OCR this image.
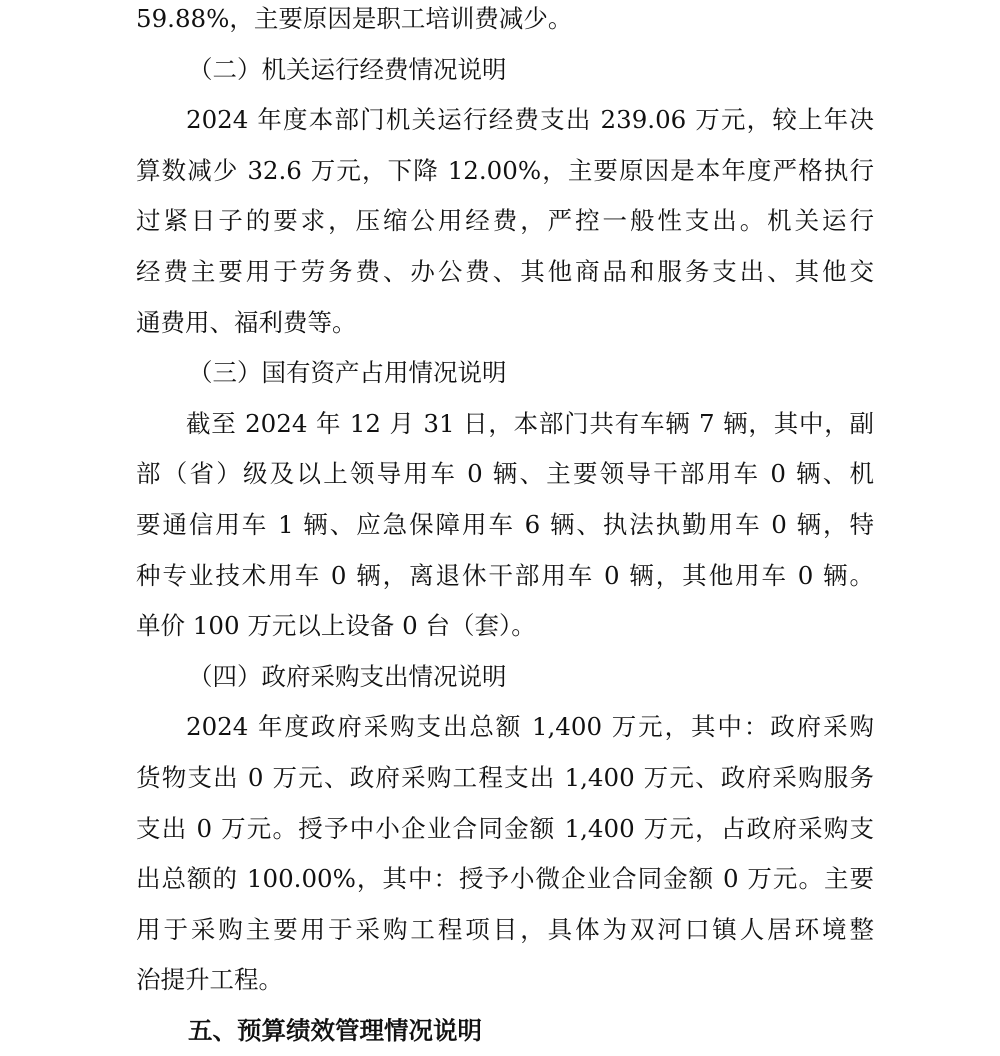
59.88%，主要原因是职工培训费减少。
（二）机关运行经费情况说明
2024 年度本部门机关运行经费支出 239.06 万元，较上年决
算数减少 32.6 万元，下降 12.00%，主要原因是本年度严格执行
过紧日子的要求，压缩公用经费，严控一般性支出。机关运行
经费主要用于劳务费、办公费、其他商品和服务支出、其他交
通费用、福利费等。
（三）国有资产占用情况说明
截至 2024 年 12 月 31 日，本部门共有车辆 7 辆，其中，副
部（省）级及以上领导用车 0 辆、主要领导干部用车 0 辆、机
要通信用车 1 辆、应急保障用车 6 辆、执法执勤用车 0 辆，特
种专业技术用车 0 辆，离退休干部用车 0 辆，其他用车 0 辆。
单价 100 万元以上设备 0 台（套）。
（四）政府采购支出情况说明
2024 年度政府采购支出总额 1,400 万元，其中：政府采购
货物支出 0 万元、政府采购工程支出 1,400 万元、政府采购服务
支出 0 万元。授予中小企业合同金额 1,400 万元，占政府采购支
出总额的 100.00%，其中：授予小微企业合同金额 0 万元。主要
用于采购主要用于采购工程项目，具体为双河口镇人居环境整
治提升工程。
五、预算绩效管理情况说明
